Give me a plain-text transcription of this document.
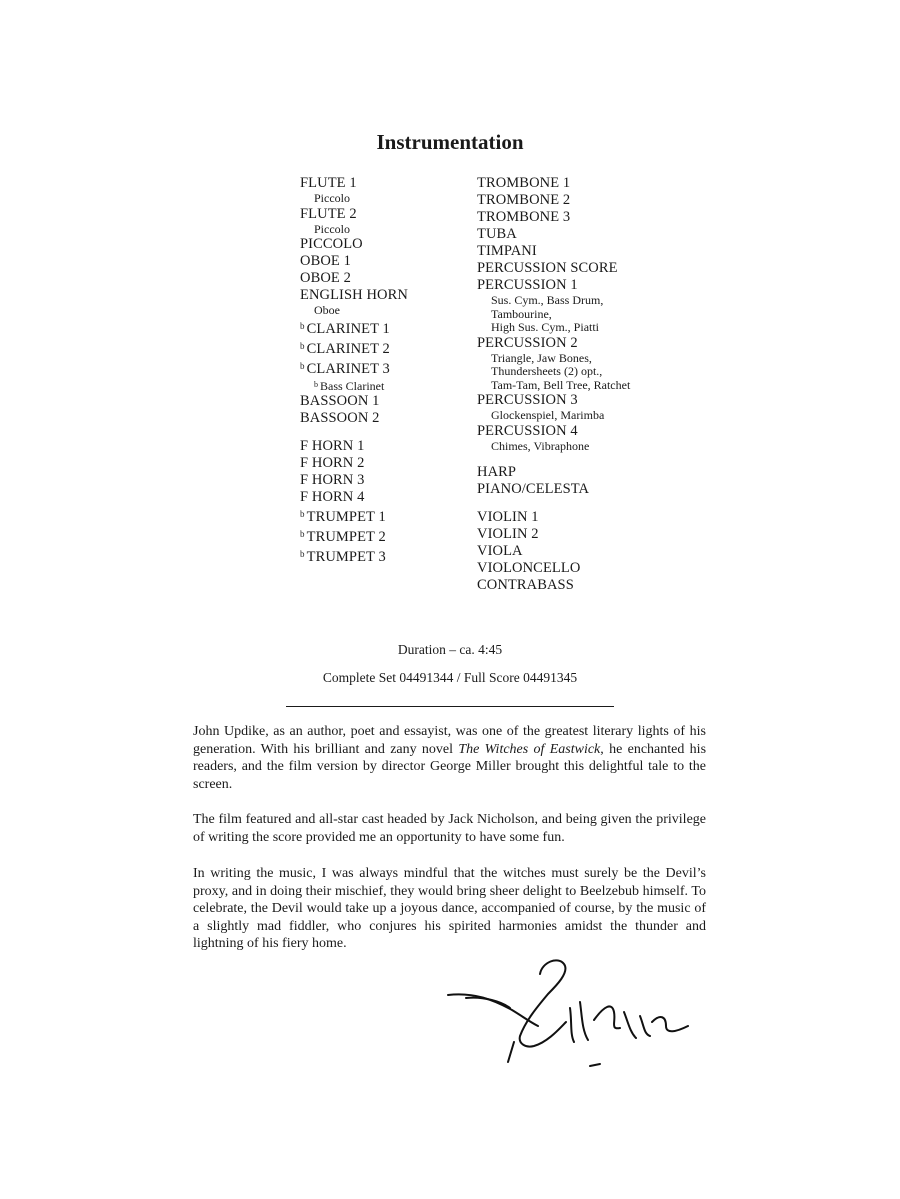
Instrumentation
FLUTE 1
Piccolo
FLUTE 2
Piccolo
PICCOLO
OBOE 1
OBOE 2
ENGLISH HORN
Oboe
$^b$ CLARINET 1
$^b$ CLARINET 2
$^b$ CLARINET 3
$^b$ Bass Clarinet
BASSOON 1
BASSOON 2
F HORN 1
F HORN 2
F HORN 3
F HORN 4
$^b$ TRUMPET 1
$^b$ TRUMPET 2
$^b$ TRUMPET 3
TROMBONE 1
TROMBONE 2
TROMBONE 3
TUBA
TIMPANI
PERCUSSION SCORE
PERCUSSION 1
Sus. Cym., Bass Drum,
Tambourine,
High Sus. Cym., Piatti
PERCUSSION 2
Triangle, Jaw Bones,
Thundersheets (2) opt.,
Tam-Tam, Bell Tree, Ratchet
PERCUSSION 3
Glockenspiel, Marimba
PERCUSSION 4
Chimes, Vibraphone
HARP
PIANO/CELESTA
VIOLIN 1
VIOLIN 2
VIOLA
VIOLONCELLO
CONTRABASS
Duration – ca. 4:45
Complete Set 04491344 / Full Score 04491345

John Updike, as an author, poet and essayist, was one of the greatest literary lights of his generation. With his brilliant and zany novel The Witches of Eastwick, he enchanted his readers, and the film version by director George Miller brought this delightful tale to the screen.

The film featured and all-star cast headed by Jack Nicholson, and being given the privilege of writing the score provided me an opportunity to have some fun.

In writing the music, I was always mindful that the witches must surely be the Devil’s proxy, and in doing their mischief, they would bring sheer delight to Beelzebub himself. To celebrate, the Devil would take up a joyous dance, accompanied of course, by the music of a slightly mad fiddler, who conjures his spirited harmonies amidst the thunder and lightning of his fiery home.
